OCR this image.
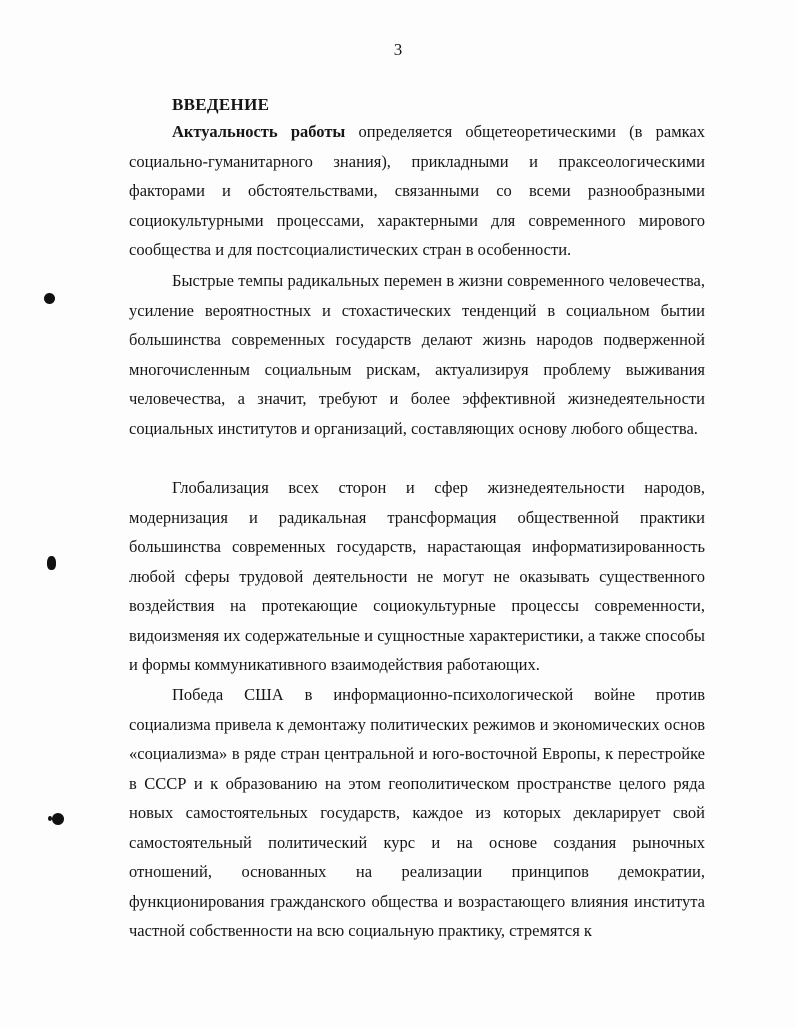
3
ВВЕДЕНИЕ

Актуальность работы определяется общетеоретическими (в рамках социально-гуманитарного знания), прикладными и праксеологическими факторами и обстоятельствами, связанными со всеми разнообразными социокультурными процессами, характерными для современного мирового сообщества и для постсоциалистических стран в особенности.

Быстрые темпы радикальных перемен в жизни современного человечества, усиление вероятностных и стохастических тенденций в социальном бытии большинства современных государств делают жизнь народов подверженной многочисленным социальным рискам, актуализируя проблему выживания человечества, а значит, требуют и более эффективной жизнедеятельности социальных институтов и организаций, составляющих основу любого общества.

Глобализация всех сторон и сфер жизнедеятельности народов, модернизация и радикальная трансформация общественной практики большинства современных государств, нарастающая информатизированность любой сферы трудовой деятельности не могут не оказывать существенного воздействия на протекающие социокультурные процессы современности, видоизменяя их содержательные и сущностные характеристики, а также способы и формы коммуникативного взаимодействия работающих.

Победа США в информационно-психологической войне против социализма привела к демонтажу политических режимов и экономических основ «социализма» в ряде стран центральной и юго-восточной Европы, к перестройке в СССР и к образованию на этом геополитическом пространстве целого ряда новых самостоятельных государств, каждое из которых декларирует свой самостоятельный политический курс и на основе создания рыночных отношений, основанных на реализации принципов демократии, функционирования гражданского общества и возрастающего влияния института частной собственности на всю социальную практику, стремятся к
